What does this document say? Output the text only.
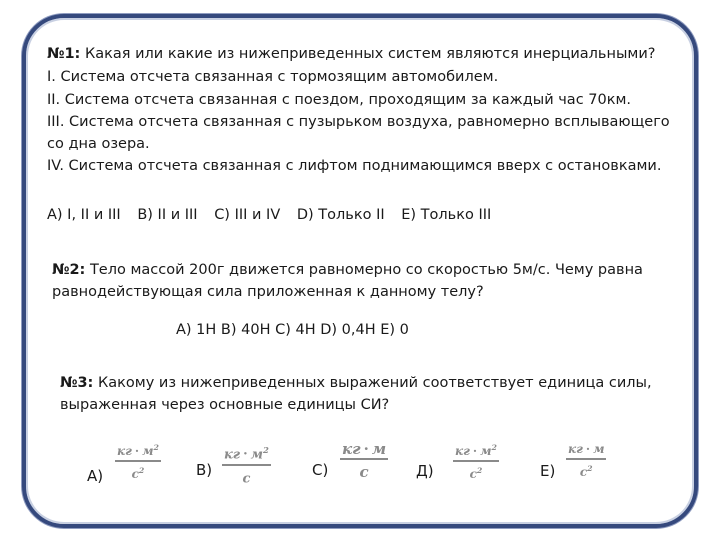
№1: Какая или какие из нижеприведенных систем являются инерциальными?
I. Система отсчета связанная с тормозящим автомобилем.
II. Система отсчета связанная с поездом, проходящим за каждый час 70км.
III. Система отсчета связанная с пузырьком воздуха, равномерно всплывающего
со дна озера.
IV. Система отсчета связанная с лифтом поднимающимся вверх с остановками.
A) I, II и III B) II и III C) III и IV D) Только II E) Только III
№2: Тело массой 200г движется равномерно со скоростью 5м/с. Чему равна
равнодействующая сила приложенная к данному телу?
A) 1H B) 40H C) 4H D) 0,4H E) 0
№3: Какому из нижеприведенных выражений соответствует единица силы,
выраженная через основные единицы СИ?
A)
кг · $м^2$
$с^2$	B)
кг · $м^2$
с	C)
кг · м
с	Д)
кг · $м^2$
$с^2$	E)
кг · м
$с^2$
